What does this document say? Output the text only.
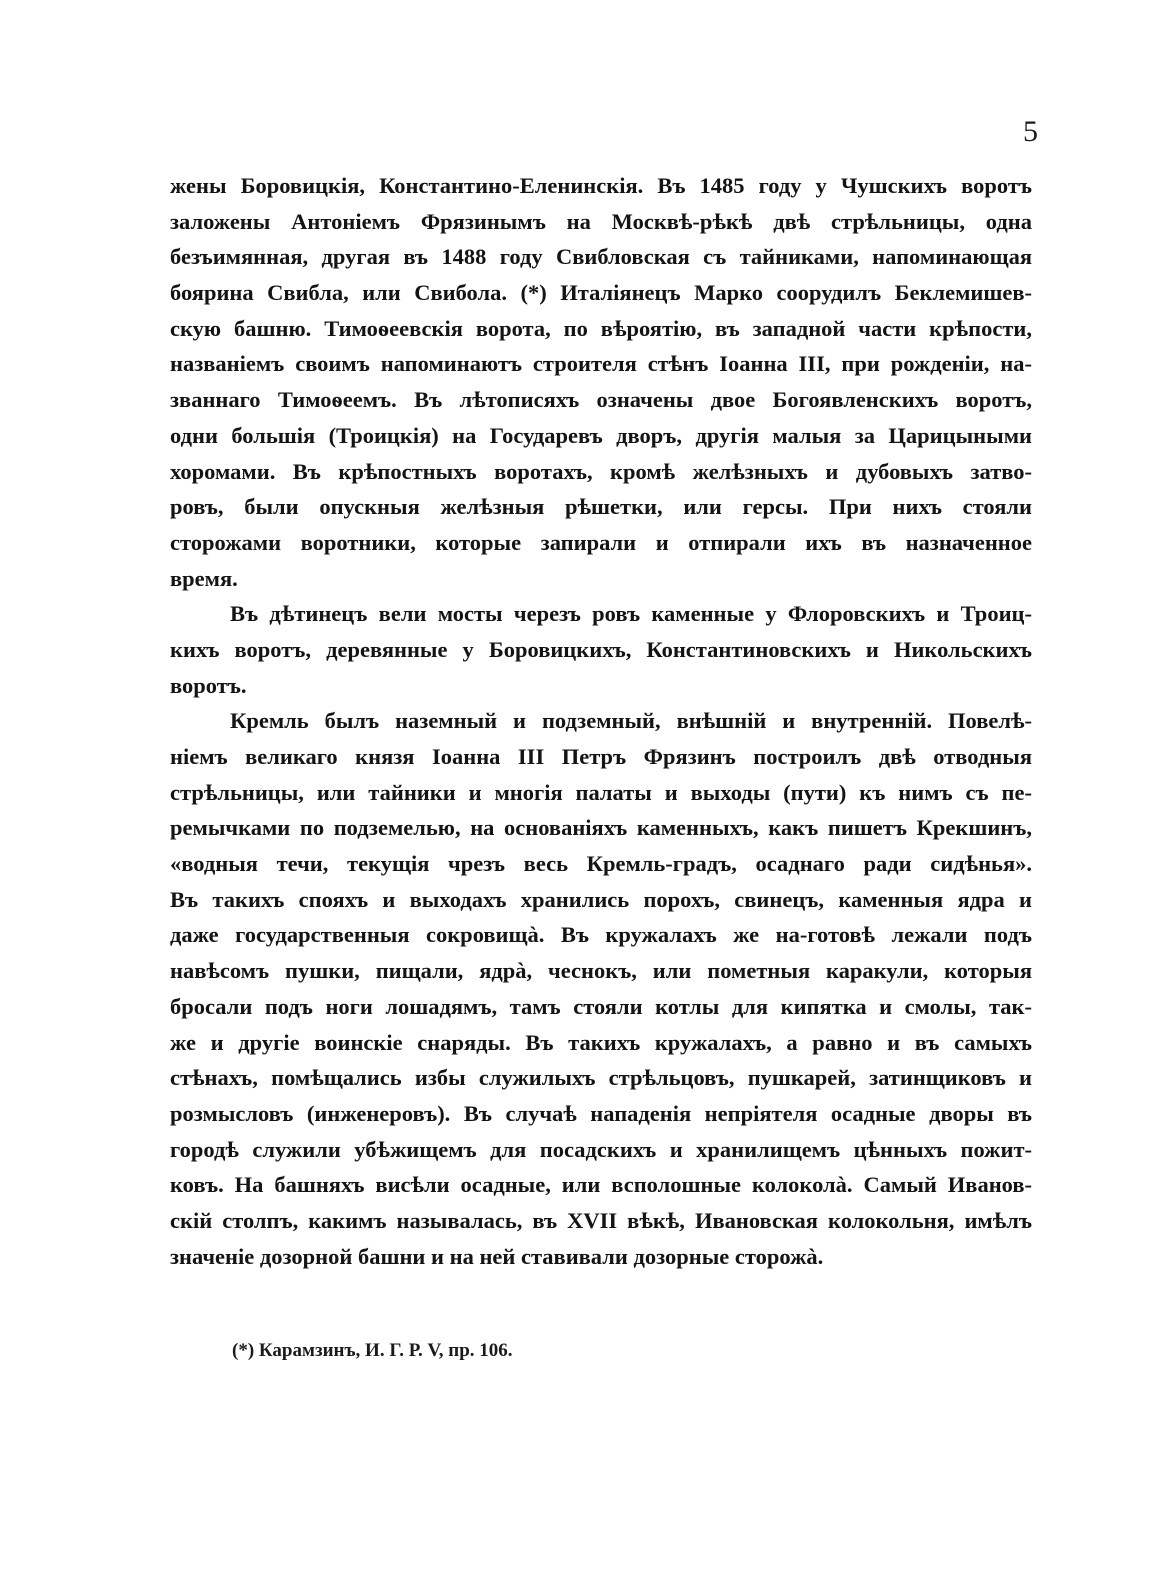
5
жены Боровицкiя, Константино-Еленинскiя. Въ 1485 году у Чушскихъ воротъ
заложены Антонiемъ Фрязинымъ на Москвѣ-рѣкѣ двѣ стрѣльницы, одна
безъимянная, другая въ 1488 году Свибловская съ тайниками, напоминающая
боярина Свибла, или Свибола. (*) Италiянецъ Марко соорудилъ Беклемишев-
скую башню. Тимоѳеевскiя ворота, по вѣроятiю, въ западной части крѣпости,
названiемъ своимъ напоминаютъ строителя стѣнъ Iоанна III, при рожденiи, на-
званнаго Тимоѳеемъ. Въ лѣтописяхъ означены двое Богоявленскихъ воротъ,
одни большiя (Троицкiя) на Государевъ дворъ, другiя малыя за Царицыными
хоромами. Въ крѣпостныхъ воротахъ, кромѣ желѣзныхъ и дубовыхъ затво-
ровъ, были опускныя желѣзныя рѣшетки, или герсы. При нихъ стояли
сторожами воротники, которые запирали и отпирали ихъ въ назначенное
время.
Въ дѣтинецъ вели мосты черезъ ровъ каменные у Флоровскихъ и Троиц-
кихъ воротъ, деревянные у Боровицкихъ, Константиновскихъ и Никольскихъ
воротъ.
Кремль былъ наземный и подземный, внѣшнiй и внутреннiй. Повелѣ-
нiемъ великаго князя Iоанна III Петръ Фрязинъ построилъ двѣ отводныя
стрѣльницы, или тайники и многiя палаты и выходы (пути) къ нимъ съ пе-
ремычками по подземелью, на основанiяхъ каменныхъ, какъ пишетъ Крекшинъ,
«водныя течи, текущiя чрезъ весь Кремль-градъ, осаднаго ради сидѣнья».
Въ такихъ спояхъ и выходахъ хранились порохъ, свинецъ, каменныя ядра и
даже государственныя сокровищà. Въ кружалахъ же на-готовѣ лежали подъ
навѣсомъ пушки, пищали, ядрà, чеснокъ, или пометныя каракули, которыя
бросали подъ ноги лошадямъ, тамъ стояли котлы для кипятка и смолы, так-
же и другiе воинскiе снаряды. Въ такихъ кружалахъ, а равно и въ самыхъ
стѣнахъ, помѣщались избы служилыхъ стрѣльцовъ, пушкарей, затинщиковъ и
розмысловъ (инженеровъ). Въ случаѣ нападенiя непрiятеля осадные дворы въ
городѣ служили убѣжищемъ для посадскихъ и хранилищемъ цѣнныхъ пожит-
ковъ. На башняхъ висѣли осадные, или всполошные колоколà. Самый Иванов-
скiй столпъ, какимъ называлась, въ XVII вѣкѣ, Ивановская колокольня, имѣлъ
значенiе дозорной башни и на ней ставивали дозорные сторожà.
(*) Карамзинъ, И. Г. Р. V, пр. 106.
